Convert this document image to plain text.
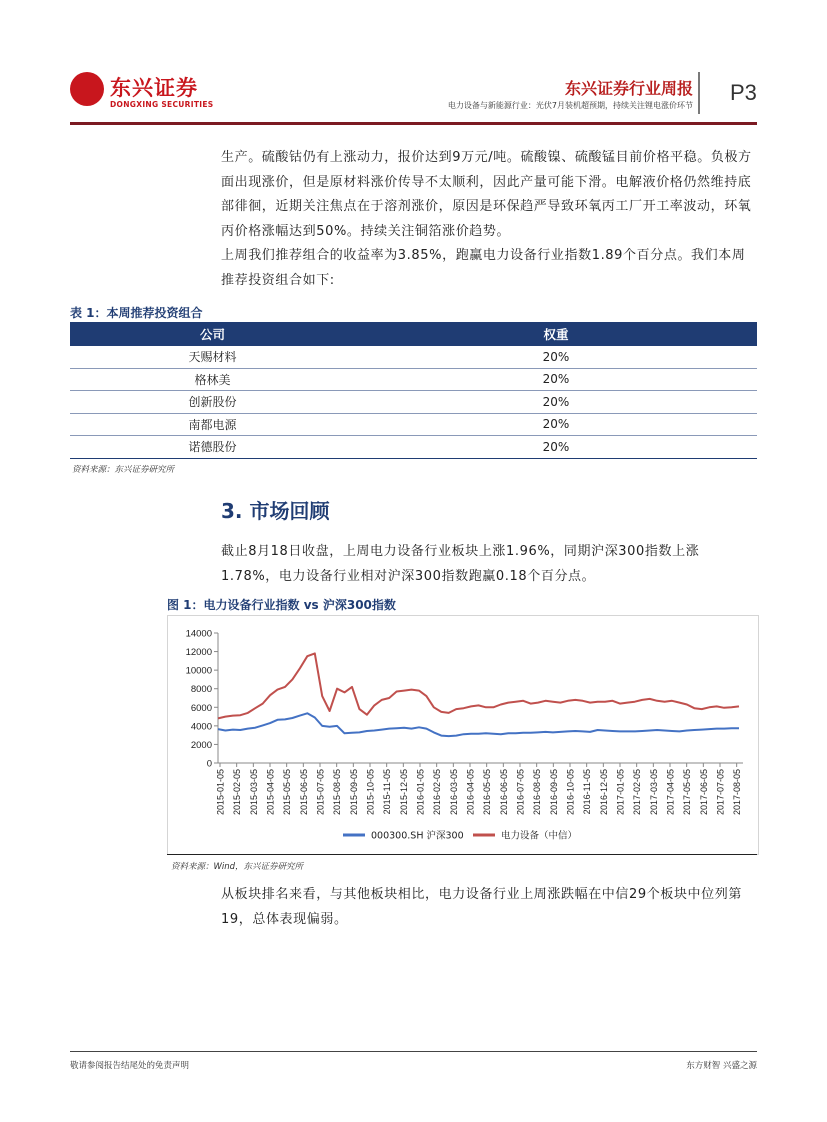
东兴证券
DONGXING SECURITIES
东兴证券行业周报
电力设备与新能源行业：光伏7月装机超预期，持续关注锂电涨价环节
P3
生产。硫酸钴仍有上涨动力，报价达到9万元/吨。硫酸镍、硫酸锰目前价格平稳。负极方面出现涨价，但是原材料涨价传导不太顺利，因此产量可能下滑。电解液价格仍然维持底部徘徊，近期关注焦点在于溶剂涨价，原因是环保趋严导致环氧丙工厂开工率波动，环氧丙价格涨幅达到50%。持续关注铜箔涨价趋势。
上周我们推荐组合的收益率为3.85%，跑赢电力设备行业指数1.89个百分点。我们本周推荐投资组合如下:
表 1：本周推荐投资组合
公司	权重
天赐材料	20%
格林美	20%
创新股份	20%
南都电源	20%
诺德股份	20%
资料来源：东兴证券研究所
3. 市场回顾
截止8月18日收盘，上周电力设备行业板块上涨1.96%，同期沪深300指数上涨1.78%，电力设备行业相对沪深300指数跑赢0.18个百分点。
图 1：电力设备行业指数 vs 沪深300指数
0
2000
4000
6000
8000
10000
12000
14000
2015-01-05 2015-02-05 2015-03-05 2015-04-05 2015-05-05 2015-06-05 2015-07-05 2015-08-05 2015-09-05 2015-10-05 2015-11-05 2015-12-05 2016-01-05 2016-02-05 2016-03-05 2016-04-05 2016-05-05 2016-06-05 2016-07-05 2016-08-05 2016-09-05 2016-10-05 2016-11-05 2016-12-05 2017-01-05 2017-02-05 2017-03-05 2017-04-05 2017-05-05 2017-06-05 2017-07-05 2017-08-05
000300.SH 沪深300	电力设备（中信）
资料来源：Wind，东兴证券研究所
从板块排名来看，与其他板块相比，电力设备行业上周涨跌幅在中信29个板块中位列第19，总体表现偏弱。
敬请参阅报告结尾处的免责声明	东方财智 兴盛之源
